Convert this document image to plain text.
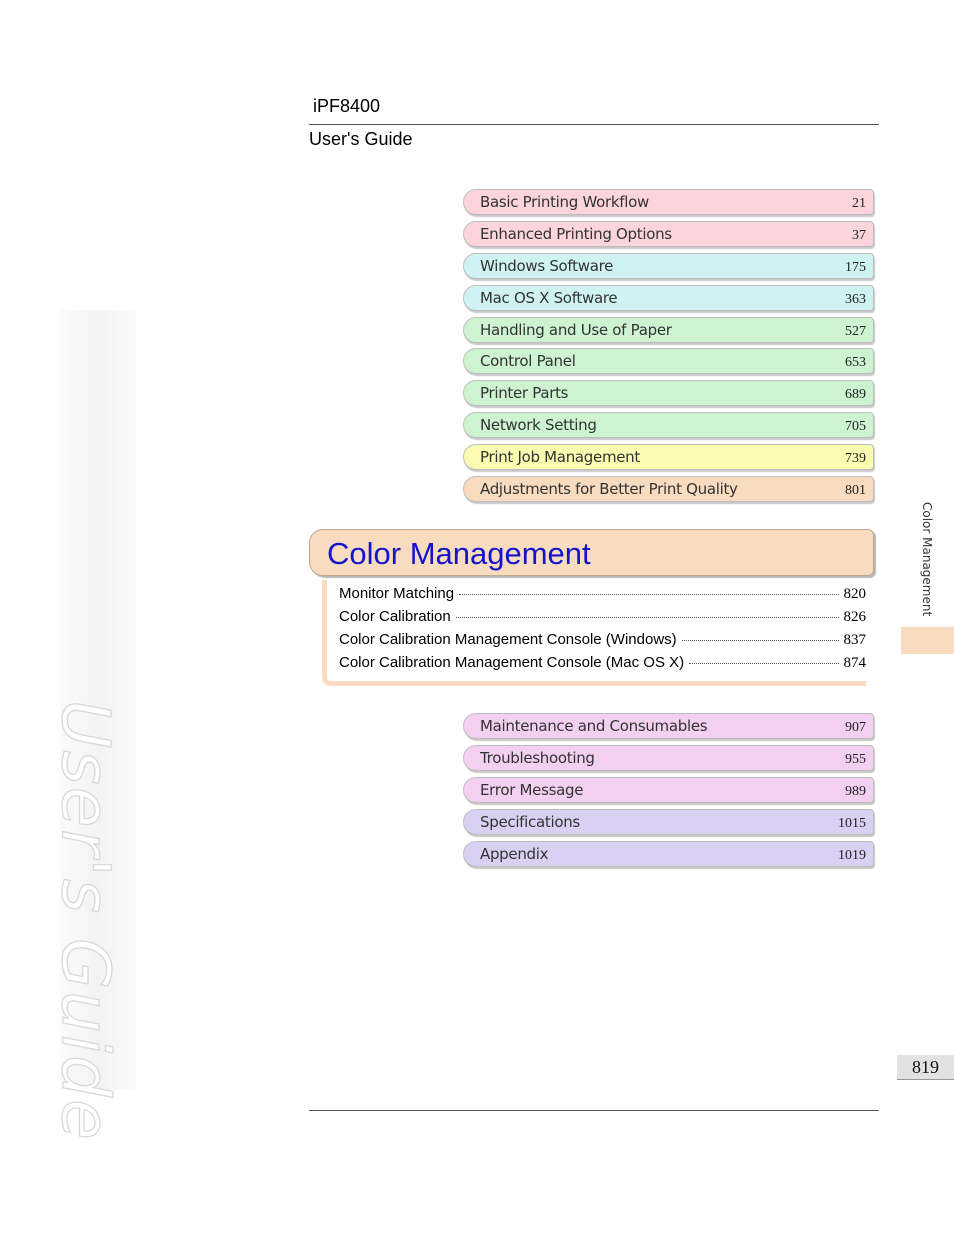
iPF8400
User's Guide
User's Guide
Basic Printing Workflow	21
Enhanced Printing Options	37
Windows Software	175
Mac OS X Software	363
Handling and Use of Paper	527
Control Panel	653
Printer Parts	689
Network Setting	705
Print Job Management	739
Adjustments for Better Print Quality	801
Color Management
Monitor Matching	820
Color Calibration	826
Color Calibration Management Console (Windows)	837
Color Calibration Management Console (Mac OS X)	874
Maintenance and Consumables	907
Troubleshooting	955
Error Message	989
Specifications	1015
Appendix	1019
Color Management
819
